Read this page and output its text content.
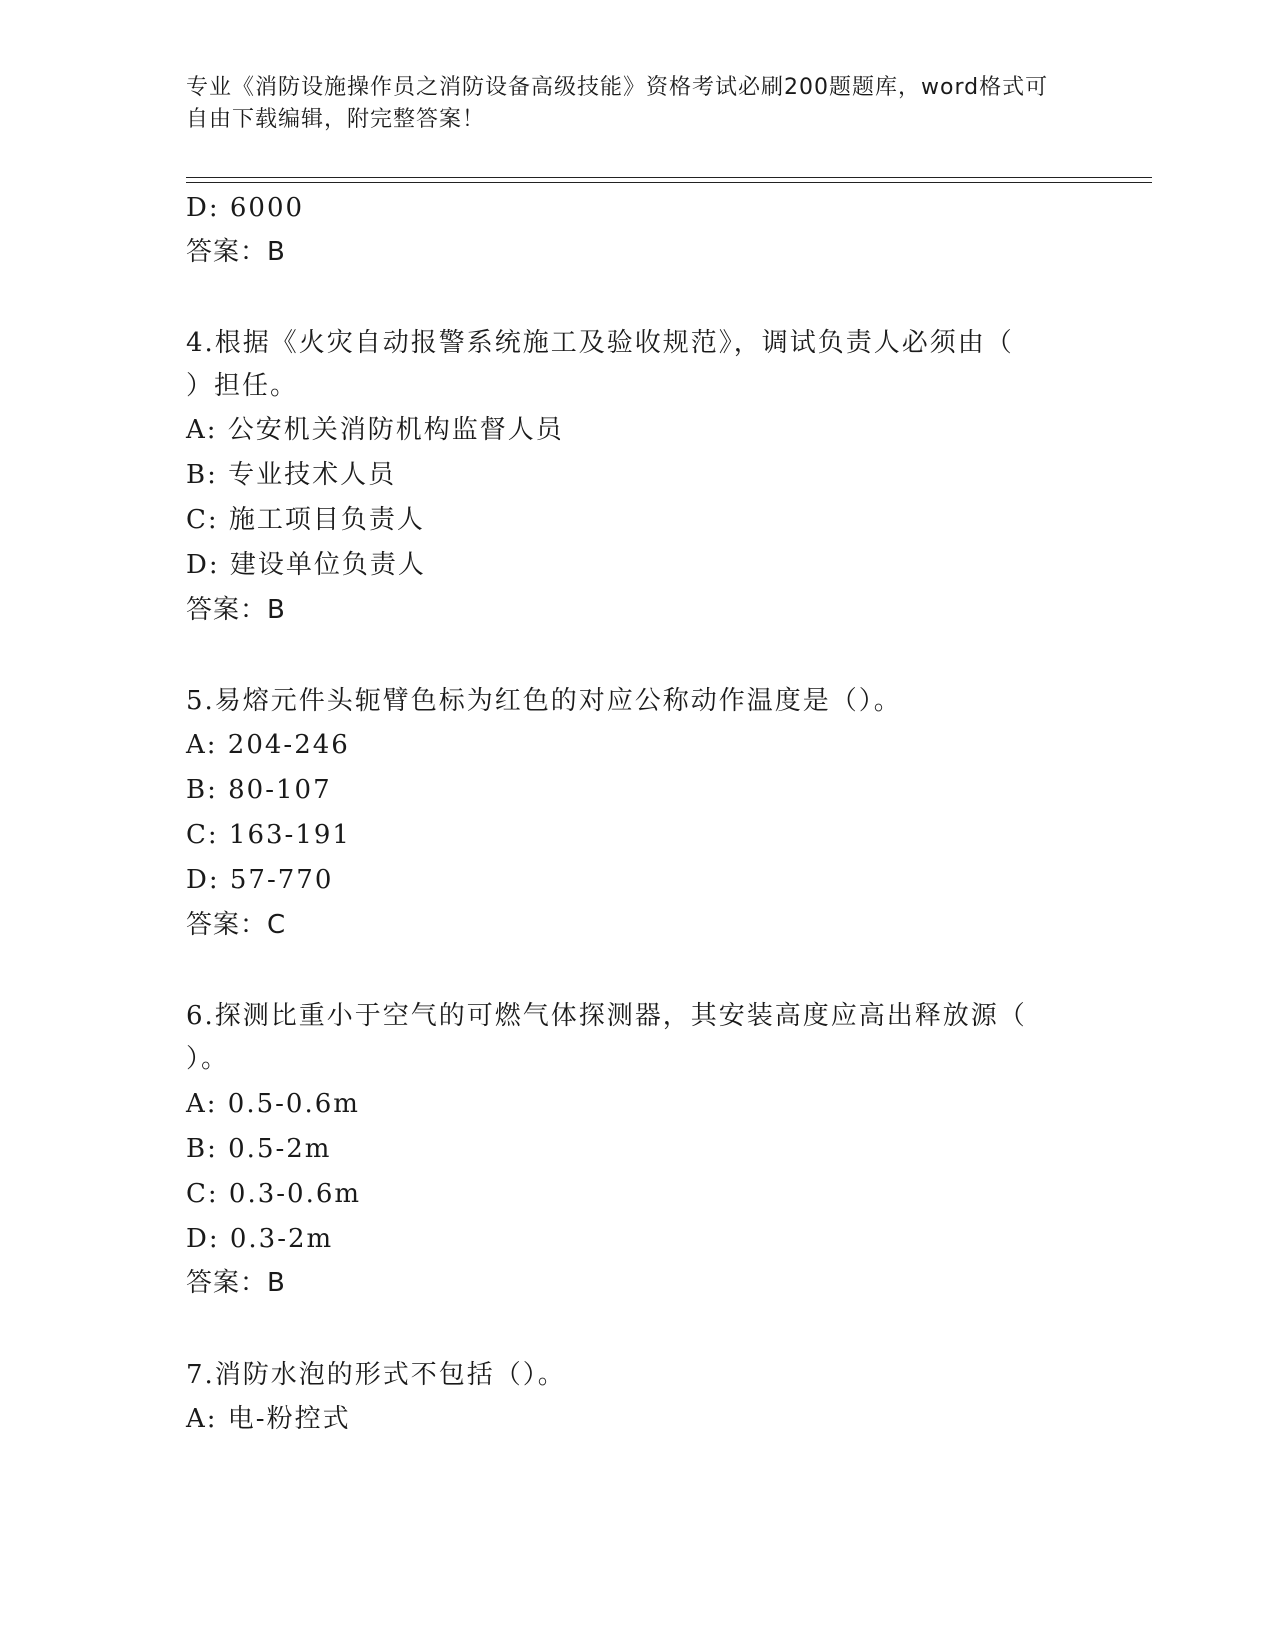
专业《消防设施操作员之消防设备高级技能》资格考试必刷200题题库，word格式可自由下载编辑，附完整答案！
D: 6000
答案：B
4.根据《火灾自动报警系统施工及验收规范》，调试负责人必须由（
）担任。
A: 公安机关消防机构监督人员
B: 专业技术人员
C: 施工项目负责人
D: 建设单位负责人
答案：B
5.易熔元件头轭臂色标为红色的对应公称动作温度是（）。
A: 204-246
B: 80-107
C: 163-191
D: 57-770
答案：C
6.探测比重小于空气的可燃气体探测器，其安装高度应高出释放源（
）。
A: 0.5-0.6m
B: 0.5-2m
C: 0.3-0.6m
D: 0.3-2m
答案：B
7.消防水泡的形式不包括（）。
A: 电-粉控式
